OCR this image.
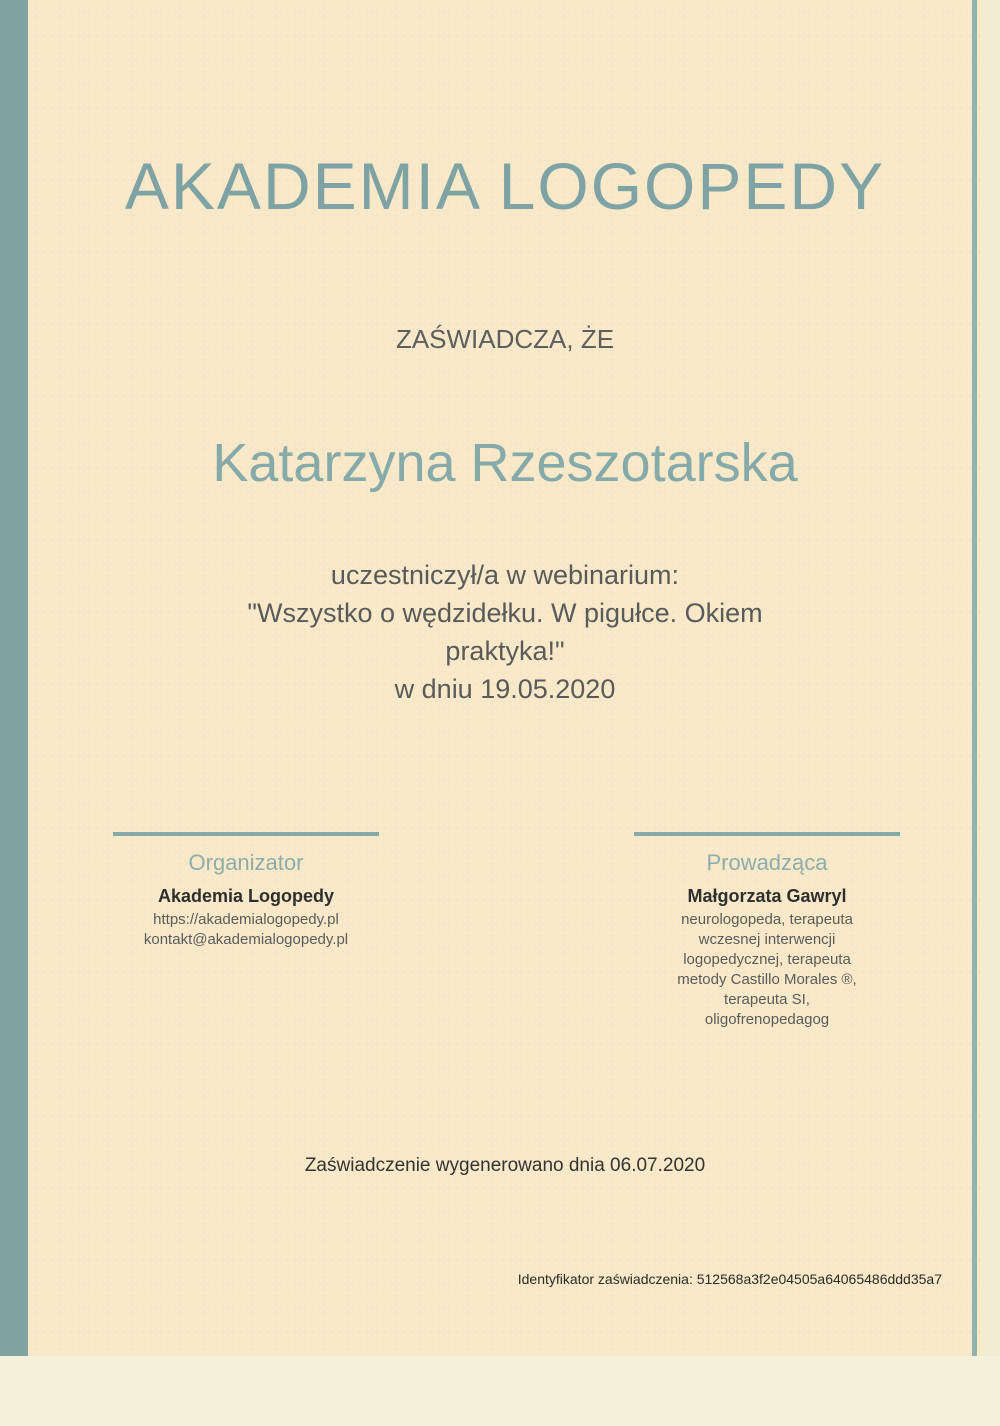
AKADEMIA LOGOPEDY
ZAŚWIADCZA, ŻE
Katarzyna Rzeszotarska
uczestniczył/a w webinarium:
"Wszystko o wędzidełku. W pigułce. Okiem
praktyka!"
w dniu 19.05.2020
Organizator
Akademia Logopedy
https://akademialogopedy.pl
kontakt@akademialogopedy.pl
Prowadząca
Małgorzata Gawryl
neurologopeda, terapeuta
wczesnej interwencji
logopedycznej, terapeuta
metody Castillo Morales ®,
terapeuta SI,
oligofrenopedagog
Zaświadczenie wygenerowano dnia 06.07.2020
Identyfikator zaświadczenia: 512568a3f2e04505a64065486ddd35a7
